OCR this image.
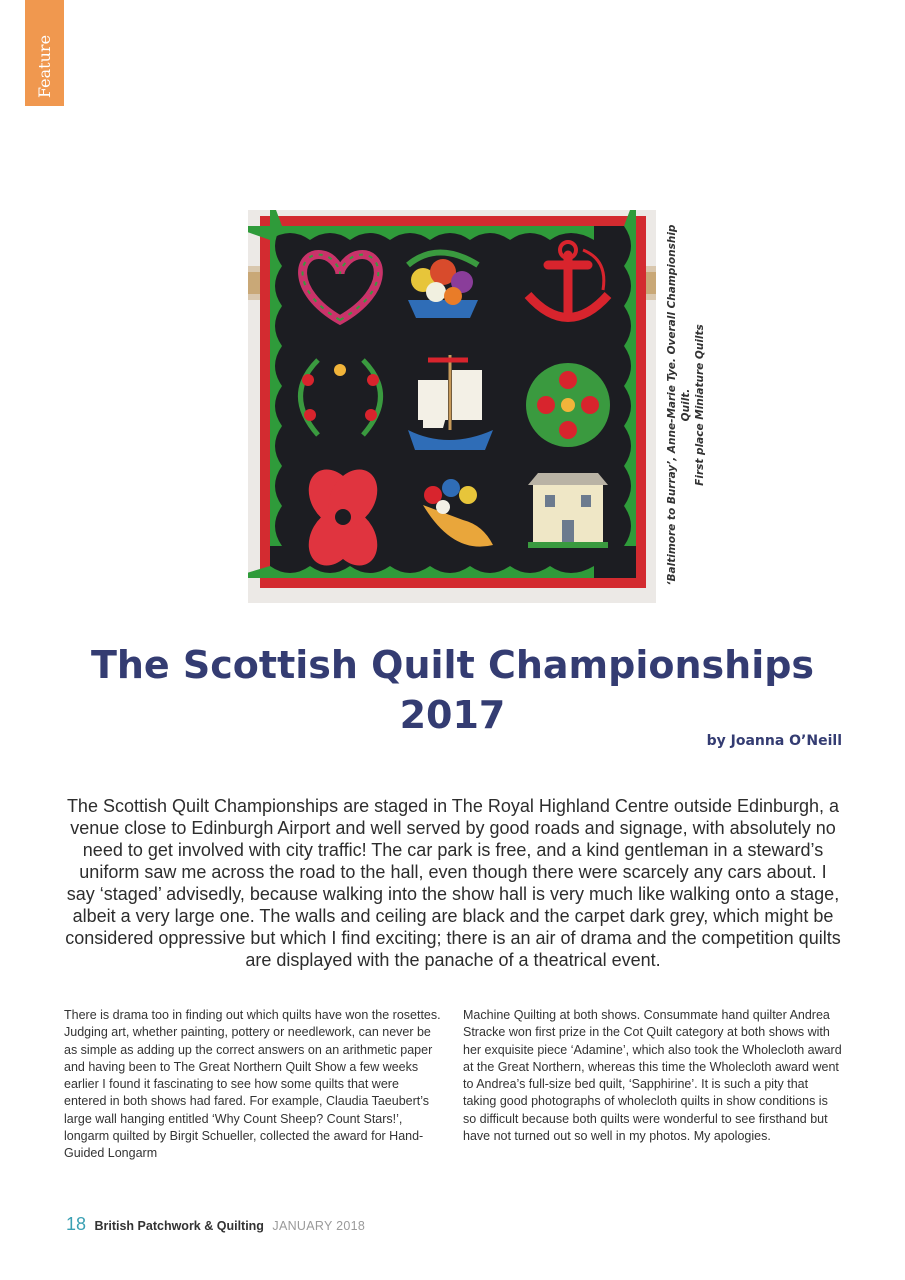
Feature
‘Baltimore to Burray’, Anne-Marie Tye. Overall Championship Quilt. First place Miniature Quilts
The Scottish Quilt Championships 2017
by Joanna O’Neill

The Scottish Quilt Championships are staged in The Royal Highland Centre outside Edinburgh, a venue close to Edinburgh Airport and well served by good roads and signage, with absolutely no need to get involved with city traffic! The car park is free, and a kind gentleman in a steward’s uniform saw me across the road to the hall, even though there were scarcely any cars about. I say ‘staged’ advisedly, because walking into the show hall is very much like walking onto a stage, albeit a very large one. The walls and ceiling are black and the carpet dark grey, which might be considered oppressive but which I find exciting; there is an air of drama and the competition quilts are displayed with the panache of a theatrical event.

There is drama too in finding out which quilts have won the rosettes. Judging art, whether painting, pottery or needlework, can never be as simple as adding up the correct answers on an arithmetic paper and having been to The Great Northern Quilt Show a few weeks earlier I found it fascinating to see how some quilts that were entered in both shows had fared. For example, Claudia Taeubert’s large wall hanging entitled ‘Why Count Sheep? Count Stars!’, longarm quilted by Birgit Schueller, collected the award for Hand-Guided Longarm

Machine Quilting at both shows. Consummate hand quilter Andrea Stracke won first prize in the Cot Quilt category at both shows with her exquisite piece ‘Adamine’, which also took the Wholecloth award at the Great Northern, whereas this time the Wholecloth award went to Andrea’s full-size bed quilt, ‘Sapphirine’. It is such a pity that taking good photographs of wholecloth quilts in show conditions is so difficult because both quilts were wonderful to see firsthand but have not turned out so well in my photos. My apologies.

18 British Patchwork & Quilting JANUARY 2018
